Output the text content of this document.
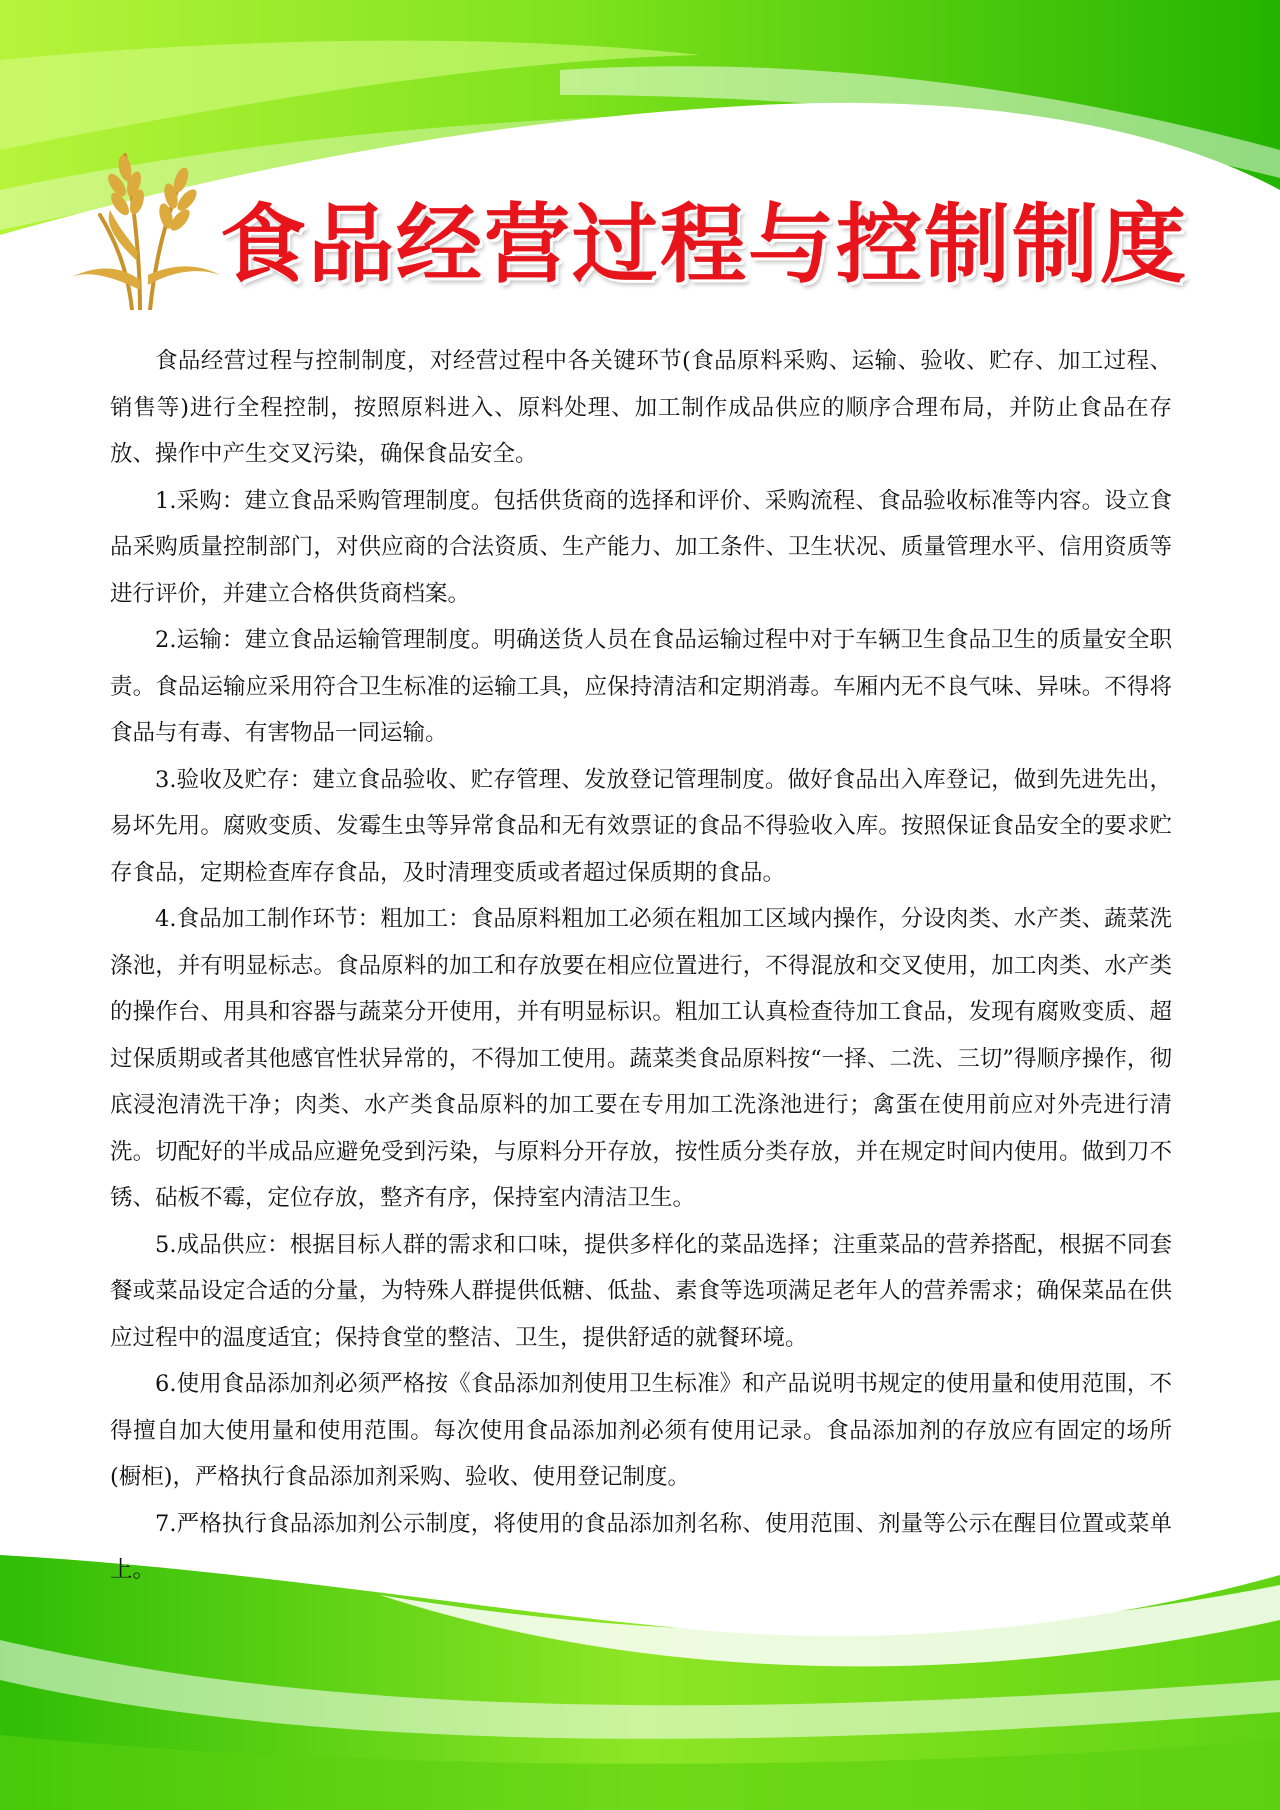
食品经营过程与控制制度

食品经营过程与控制制度，对经营过程中各关键环节(食品原料采购、运输、验收、贮存、加工过程、销售等)进行全程控制，按照原料进入、原料处理、加工制作成品供应的顺序合理布局，并防止食品在存放、操作中产生交叉污染，确保食品安全。

1.采购：建立食品采购管理制度。包括供货商的选择和评价、采购流程、食品验收标准等内容。设立食品采购质量控制部门，对供应商的合法资质、生产能力、加工条件、卫生状况、质量管理水平、信用资质等进行评价，并建立合格供货商档案。

2.运输：建立食品运输管理制度。明确送货人员在食品运输过程中对于车辆卫生食品卫生的质量安全职责。食品运输应采用符合卫生标准的运输工具，应保持清洁和定期消毒。车厢内无不良气味、异味。不得将食品与有毒、有害物品一同运输。

3.验收及贮存：建立食品验收、贮存管理、发放登记管理制度。做好食品出入库登记，做到先进先出，易坏先用。腐败变质、发霉生虫等异常食品和无有效票证的食品不得验收入库。按照保证食品安全的要求贮存食品，定期检查库存食品，及时清理变质或者超过保质期的食品。

4.食品加工制作环节：粗加工：食品原料粗加工必须在粗加工区域内操作，分设肉类、水产类、蔬菜洗涤池，并有明显标志。食品原料的加工和存放要在相应位置进行，不得混放和交叉使用，加工肉类、水产类的操作台、用具和容器与蔬菜分开使用，并有明显标识。粗加工认真检查待加工食品，发现有腐败变质、超过保质期或者其他感官性状异常的，不得加工使用。蔬菜类食品原料按“一择、二洗、三切”得顺序操作，彻底浸泡清洗干净；肉类、水产类食品原料的加工要在专用加工洗涤池进行；禽蛋在使用前应对外壳进行清洗。切配好的半成品应避免受到污染，与原料分开存放，按性质分类存放，并在规定时间内使用。做到刀不锈、砧板不霉，定位存放，整齐有序，保持室内清洁卫生。

5.成品供应：根据目标人群的需求和口味，提供多样化的菜品选择；注重菜品的营养搭配，根据不同套餐或菜品设定合适的分量，为特殊人群提供低糖、低盐、素食等选项满足老年人的营养需求；确保菜品在供应过程中的温度适宜；保持食堂的整洁、卫生，提供舒适的就餐环境。

6.使用食品添加剂必须严格按《食品添加剂使用卫生标准》和产品说明书规定的使用量和使用范围，不得擅自加大使用量和使用范围。每次使用食品添加剂必须有使用记录。食品添加剂的存放应有固定的场所(橱柜)，严格执行食品添加剂采购、验收、使用登记制度。

7.严格执行食品添加剂公示制度，将使用的食品添加剂名称、使用范围、剂量等公示在醒目位置或菜单上。
